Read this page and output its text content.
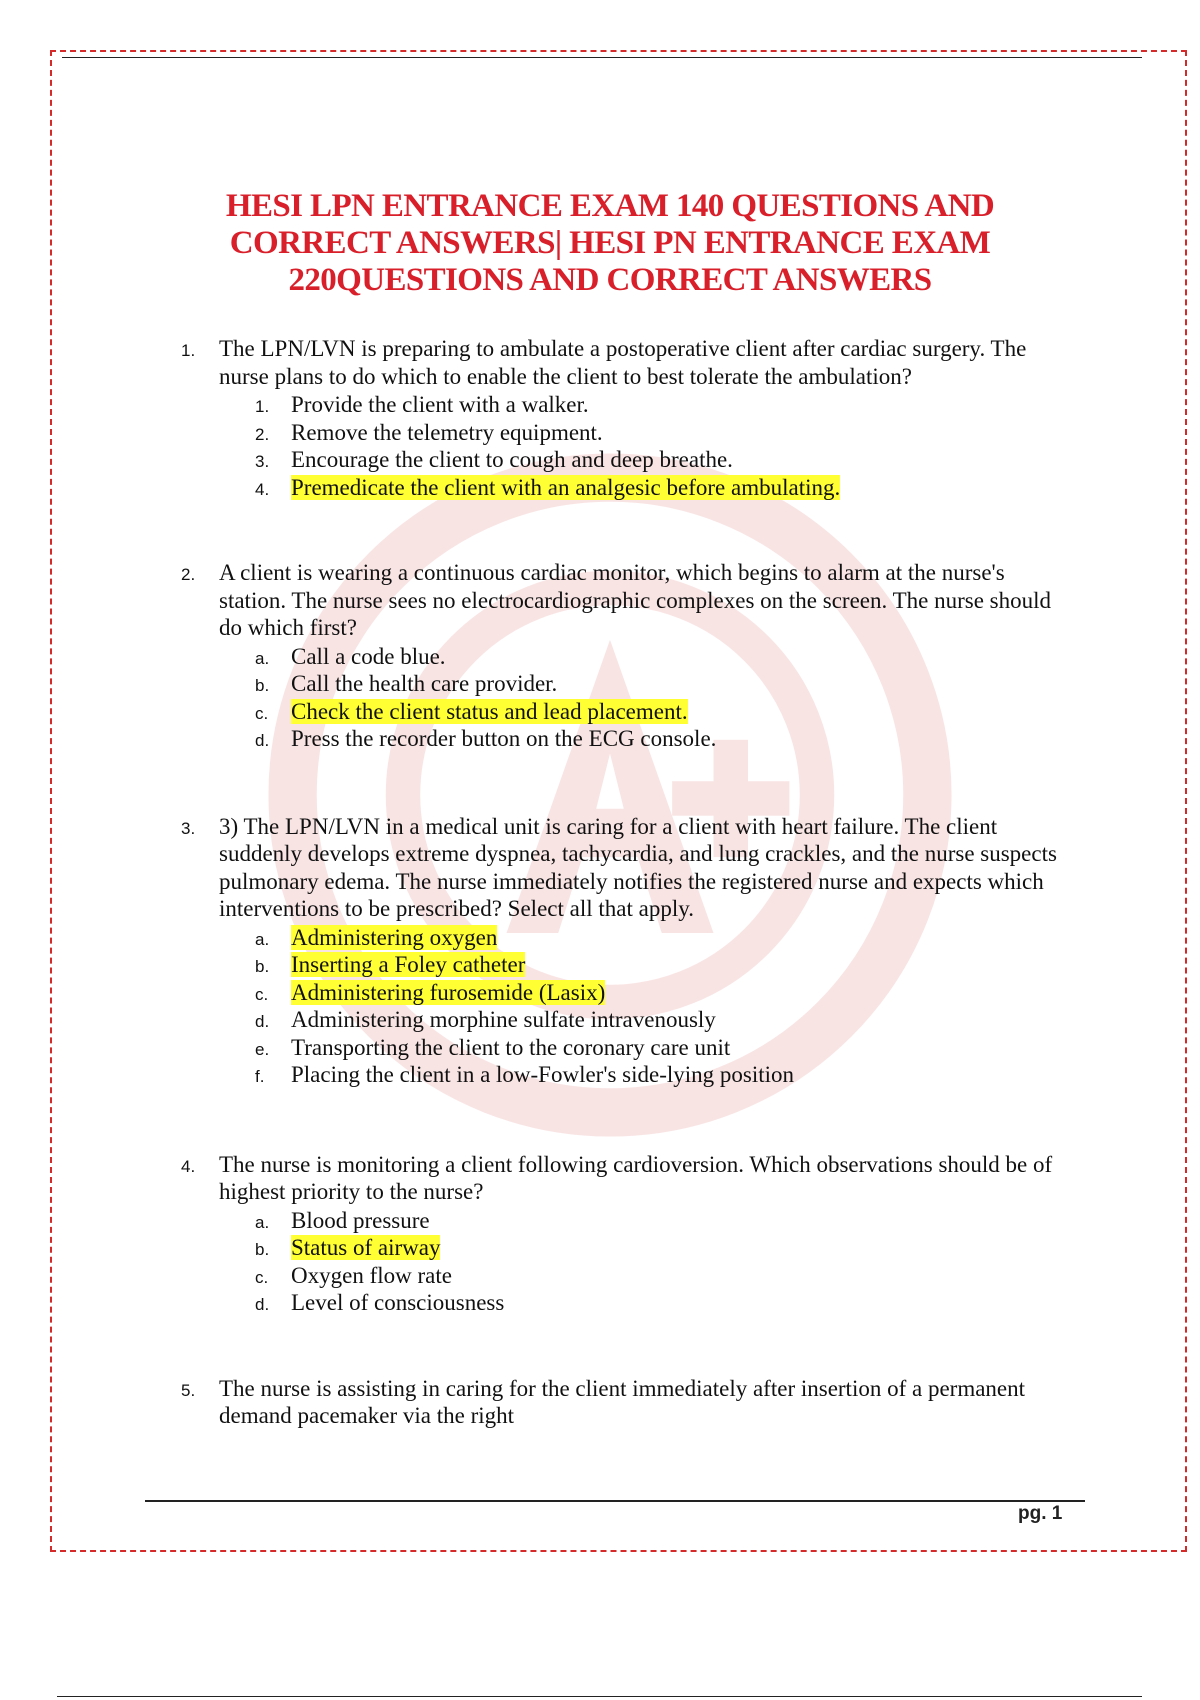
HESI LPN ENTRANCE EXAM 140 QUESTIONS AND CORRECT ANSWERS| HESI PN ENTRANCE EXAM 220QUESTIONS AND CORRECT ANSWERS
1. The LPN/LVN is preparing to ambulate a postoperative client after cardiac surgery. The nurse plans to do which to enable the client to best tolerate the ambulation?
1. Provide the client with a walker.
2. Remove the telemetry equipment.
3. Encourage the client to cough and deep breathe.
4. Premedicate the client with an analgesic before ambulating.
2. A client is wearing a continuous cardiac monitor, which begins to alarm at the nurse's station. The nurse sees no electrocardiographic complexes on the screen. The nurse should do which first?
a. Call a code blue.
b. Call the health care provider.
c. Check the client status and lead placement.
d. Press the recorder button on the ECG console.
3. 3) The LPN/LVN in a medical unit is caring for a client with heart failure. The client suddenly develops extreme dyspnea, tachycardia, and lung crackles, and the nurse suspects pulmonary edema. The nurse immediately notifies the registered nurse and expects which interventions to be prescribed? Select all that apply.
a. Administering oxygen
b. Inserting a Foley catheter
c. Administering furosemide (Lasix)
d. Administering morphine sulfate intravenously
e. Transporting the client to the coronary care unit
f. Placing the client in a low-Fowler's side-lying position
4. The nurse is monitoring a client following cardioversion. Which observations should be of highest priority to the nurse?
a. Blood pressure
b. Status of airway
c. Oxygen flow rate
d. Level of consciousness
5. The nurse is assisting in caring for the client immediately after insertion of a permanent demand pacemaker via the right
pg. 1
